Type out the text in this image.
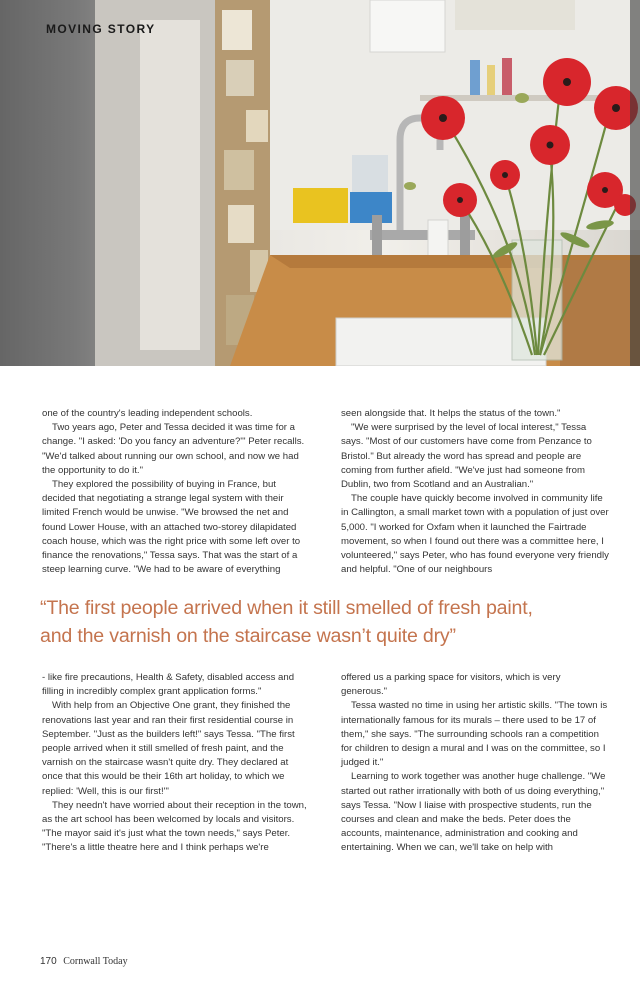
MOVING STORY

one of the country's leading independent schools.

Two years ago, Peter and Tessa decided it was time for a change. "I asked: 'Do you fancy an adventure?'" Peter recalls. "We'd talked about running our own school, and now we had the opportunity to do it."

They explored the possibility of buying in France, but decided that negotiating a strange legal system with their limited French would be unwise. "We browsed the net and found Lower House, with an attached two-storey dilapidated coach house, which was the right price with some left over to finance the renovations," Tessa says. That was the start of a steep learning curve. "We had to be aware of everything

seen alongside that. It helps the status of the town."

"We were surprised by the level of local interest," Tessa says. "Most of our customers have come from Penzance to Bristol." But already the word has spread and people are coming from further afield. "We've just had someone from Dublin, two from Scotland and an Australian."

The couple have quickly become involved in community life in Callington, a small market town with a population of just over 5,000. "I worked for Oxfam when it launched the Fairtrade movement, so when I found out there was a committee here, I volunteered," says Peter, who has found everyone very friendly and helpful. "One of our neighbours

“The first people arrived when it still smelled of fresh paint,
and the varnish on the staircase wasn’t quite dry”

- like fire precautions, Health & Safety, disabled access and filling in incredibly complex grant application forms."

With help from an Objective One grant, they finished the renovations last year and ran their first residential course in September. "Just as the builders left!" says Tessa. "The first people arrived when it still smelled of fresh paint, and the varnish on the staircase wasn't quite dry. They declared at once that this would be their 16th art holiday, to which we replied: 'Well, this is our first!'"

They needn't have worried about their reception in the town, as the art school has been welcomed by locals and visitors. "The mayor said it's just what the town needs," says Peter. "There's a little theatre here and I think perhaps we're

offered us a parking space for visitors, which is very generous."

Tessa wasted no time in using her artistic skills. "The town is internationally famous for its murals – there used to be 17 of them," she says. "The surrounding schools ran a competition for children to design a mural and I was on the committee, so I judged it."

Learning to work together was another huge challenge. "We started out rather irrationally with both of us doing everything," says Tessa. "Now I liaise with prospective students, run the courses and clean and make the beds. Peter does the accounts, maintenance, administration and cooking and entertaining. When we can, we'll take on help with

170 Cornwall Today
